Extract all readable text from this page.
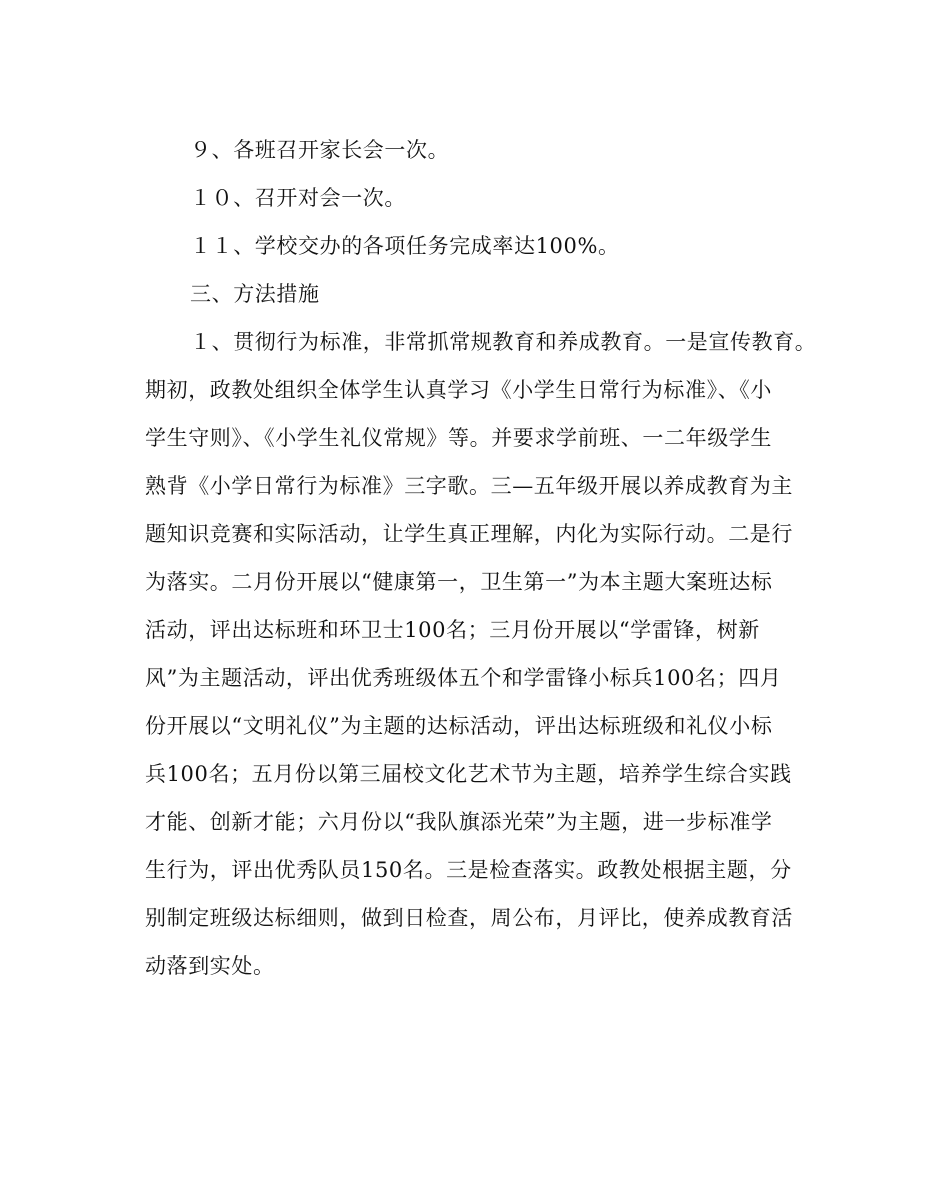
９、各班召开家长会一次。
１０、召开对会一次。
１１、学校交办的各项任务完成率达100%。
三、方法措施
１、贯彻行为标准，非常抓常规教育和养成教育。一是宣传教育。
期初，政教处组织全体学生认真学习《小学生日常行为标准》、《小
学生守则》、《小学生礼仪常规》等。并要求学前班、一二年级学生
熟背《小学日常行为标准》三字歌。三—五年级开展以养成教育为主
题知识竞赛和实际活动，让学生真正理解，内化为实际行动。二是行
为落实。二月份开展以“健康第一，卫生第一”为本主题大案班达标
活动，评出达标班和环卫士100名；三月份开展以“学雷锋，树新
风”为主题活动，评出优秀班级体五个和学雷锋小标兵100名；四月
份开展以“文明礼仪”为主题的达标活动，评出达标班级和礼仪小标
兵100名；五月份以第三届校文化艺术节为主题，培养学生综合实践
才能、创新才能；六月份以“我队旗添光荣”为主题，进一步标准学
生行为，评出优秀队员150名。三是检查落实。政教处根据主题，分
别制定班级达标细则，做到日检查，周公布，月评比，使养成教育活
动落到实处。
